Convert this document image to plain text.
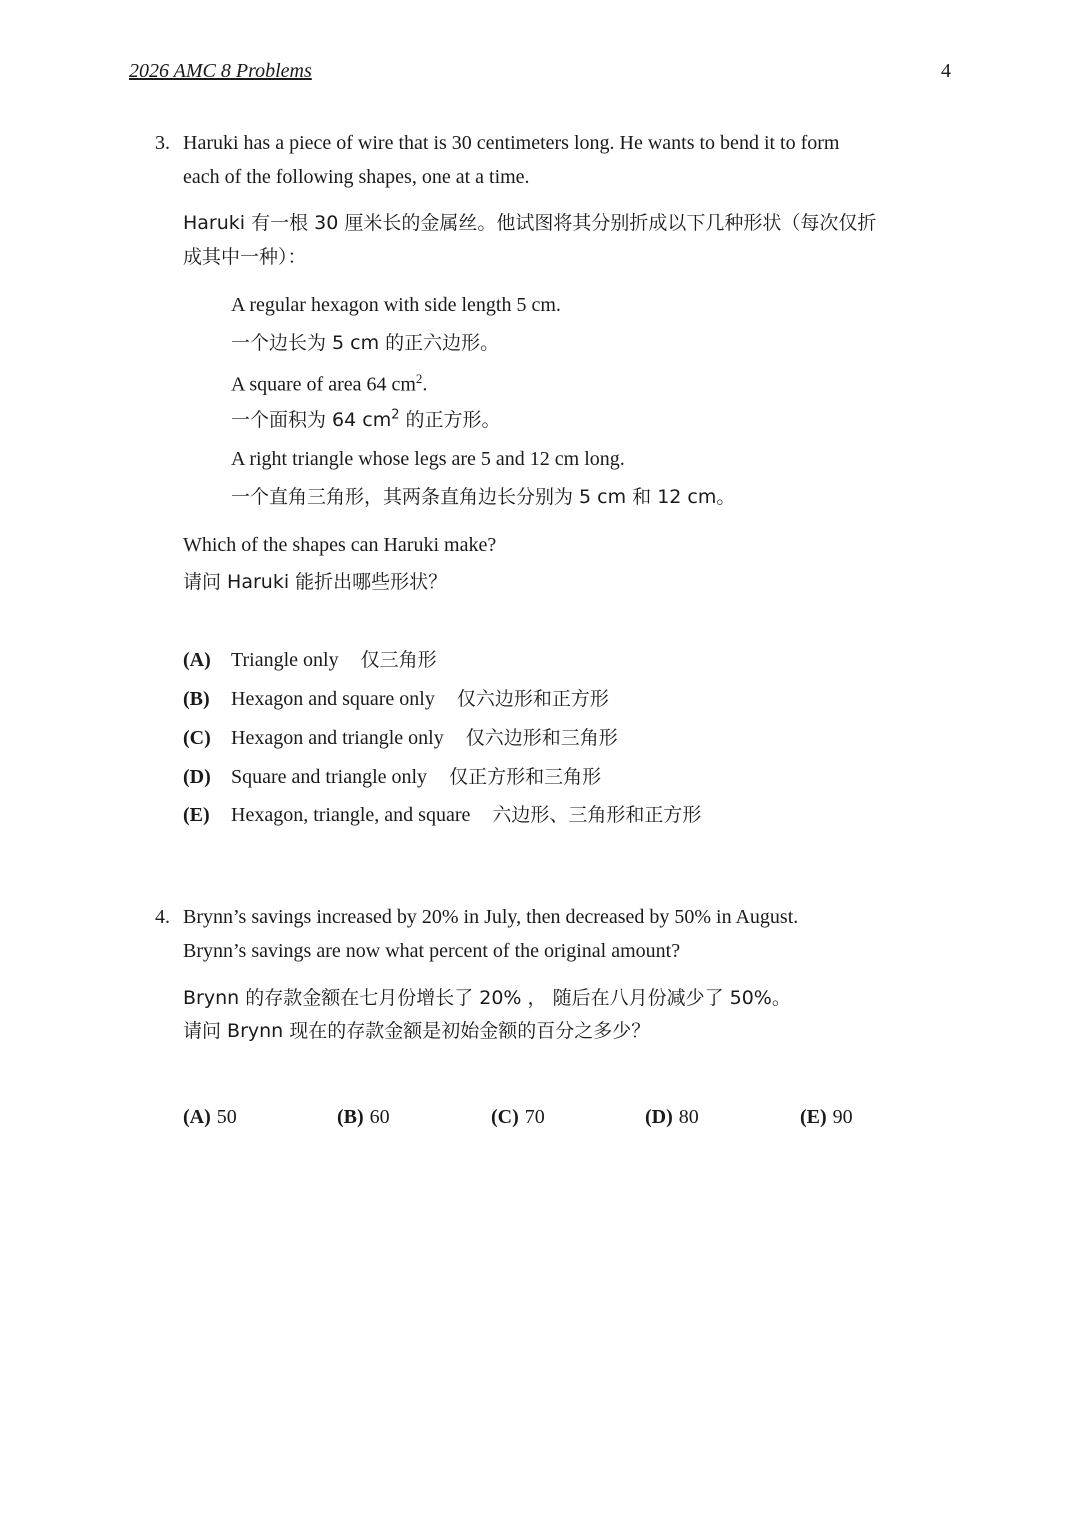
2026 AMC 8 Problems	4
3. Haruki has a piece of wire that is 30 centimeters long. He wants to bend it to form
each of the following shapes, one at a time.
Haruki 有一根 30 厘米长的金属丝。他试图将其分别折成以下几种形状（每次仅折
成其中一种）：
A regular hexagon with side length 5 cm.
一个边长为 5 cm 的正六边形。
A square of area 64 $cm^2$.
一个面积为 64 $cm^2$ 的正方形。
A right triangle whose legs are 5 and 12 cm long.
一个直角三角形，其两条直角边长分别为 5 cm 和 12 cm。
Which of the shapes can Haruki make?
请问 Haruki 能折出哪些形状？
(A) Triangle only 仅三角形
(B) Hexagon and square only 仅六边形和正方形
(C) Hexagon and triangle only 仅六边形和三角形
(D) Square and triangle only 仅正方形和三角形
(E) Hexagon, triangle, and square 六边形、三角形和正方形
4. Brynn’s savings increased by 20% in July, then decreased by 50% in August.
Brynn’s savings are now what percent of the original amount?
Brynn 的存款金额在七月份增长了 20% ， 随后在八月份减少了 50%。
请问 Brynn 现在的存款金额是初始金额的百分之多少？
(A) 50	(B) 60	(C) 70	(D) 80	(E) 90
